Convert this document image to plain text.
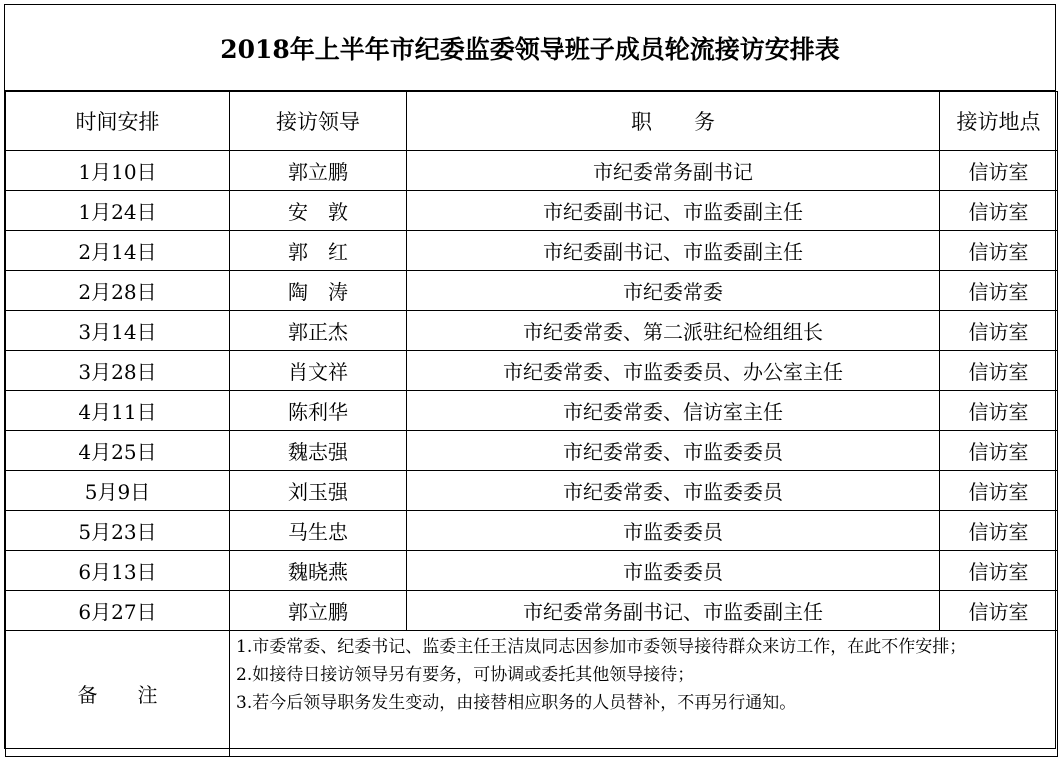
2018年上半年市纪委监委领导班子成员轮流接访安排表
时间安排	接访领导	职　　务	接访地点
1月10日	郭立鹏	市纪委常务副书记	信访室
1月24日	安　敦	市纪委副书记、市监委副主任	信访室
2月14日	郭　红	市纪委副书记、市监委副主任	信访室
2月28日	陶　涛	市纪委常委	信访室
3月14日	郭正杰	市纪委常委、第二派驻纪检组组长	信访室
3月28日	肖文祥	市纪委常委、市监委委员、办公室主任	信访室
4月11日	陈利华	市纪委常委、信访室主任	信访室
4月25日	魏志强	市纪委常委、市监委委员	信访室
5月9日	刘玉强	市纪委常委、市监委委员	信访室
5月23日	马生忠	市监委委员	信访室
6月13日	魏晓燕	市监委委员	信访室
6月27日	郭立鹏	市纪委常务副书记、市监委副主任	信访室
备　　注	1.市委常委、纪委书记、监委主任王洁岚同志因参加市委领导接待群众来访工作，在此不作安排；
2.如接待日接访领导另有要务，可协调或委托其他领导接待；
3.若今后领导职务发生变动，由接替相应职务的人员替补，不再另行通知。		
